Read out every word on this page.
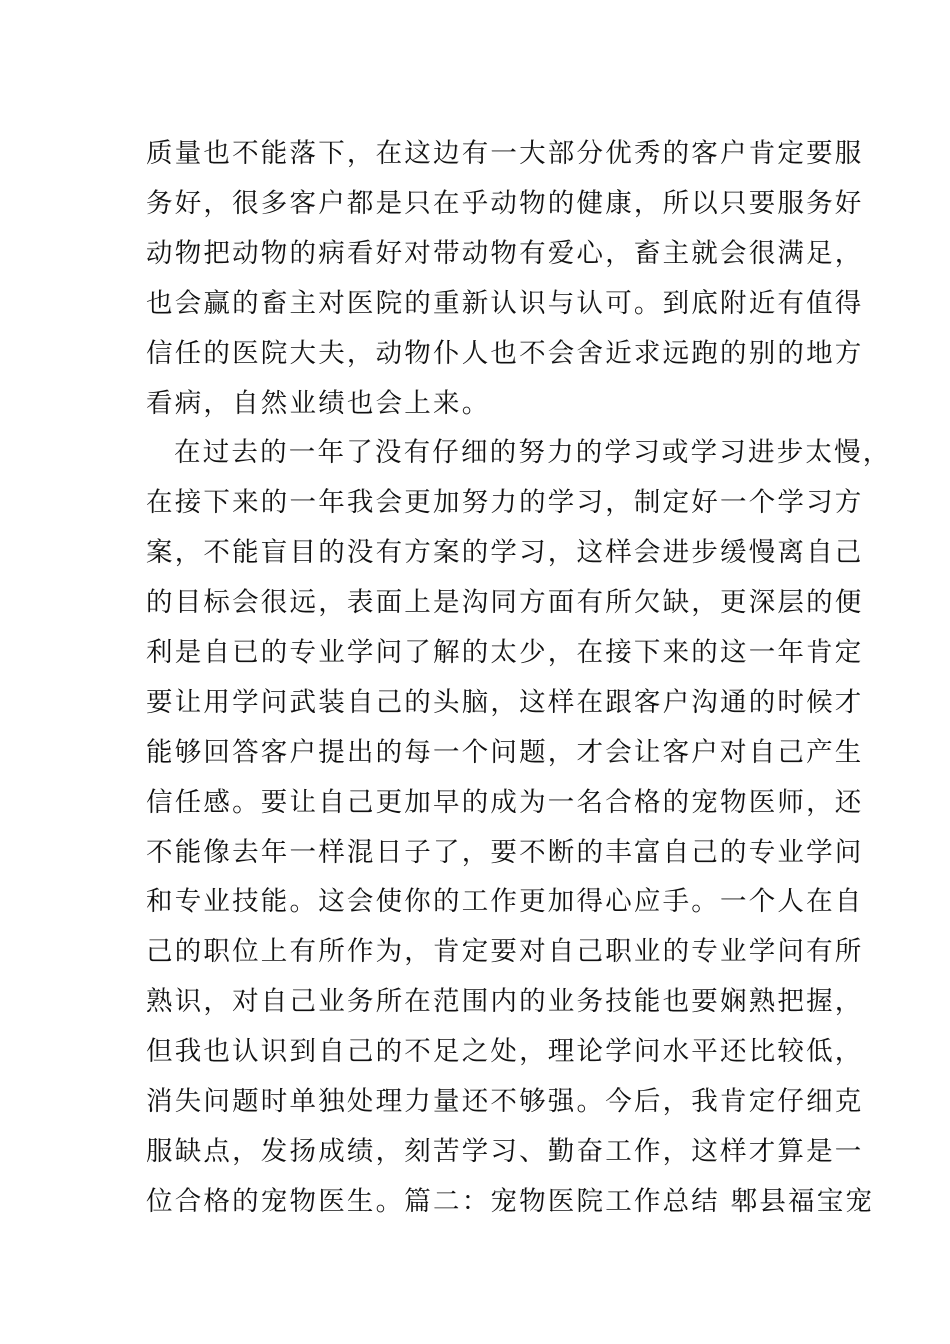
质量也不能落下，在这边有一大部分优秀的客户肯定要服
务好，很多客户都是只在乎动物的健康，所以只要服务好
动物把动物的病看好对带动物有爱心，畜主就会很满足，
也会赢的畜主对医院的重新认识与认可。到底附近有值得
信任的医院大夫，动物仆人也不会舍近求远跑的别的地方
看病，自然业绩也会上来。
在过去的一年了没有仔细的努力的学习或学习进步太慢，
在接下来的一年我会更加努力的学习，制定好一个学习方
案，不能盲目的没有方案的学习，这样会进步缓慢离自己
的目标会很远，表面上是沟同方面有所欠缺，更深层的便
利是自已的专业学问了解的太少，在接下来的这一年肯定
要让用学问武装自己的头脑，这样在跟客户沟通的时候才
能够回答客户提出的每一个问题，才会让客户对自己产生
信任感。要让自己更加早的成为一名合格的宠物医师，还
不能像去年一样混日子了，要不断的丰富自己的专业学问
和专业技能。这会使你的工作更加得心应手。一个人在自
己的职位上有所作为，肯定要对自己职业的专业学问有所
熟识，对自己业务所在范围内的业务技能也要娴熟把握，
但我也认识到自己的不足之处，理论学问水平还比较低，
消失问题时单独处理力量还不够强。今后，我肯定仔细克
服缺点，发扬成绩，刻苦学习、勤奋工作，这样才算是一
位合格的宠物医生。篇二：宠物医院工作总结 郫县福宝宠
